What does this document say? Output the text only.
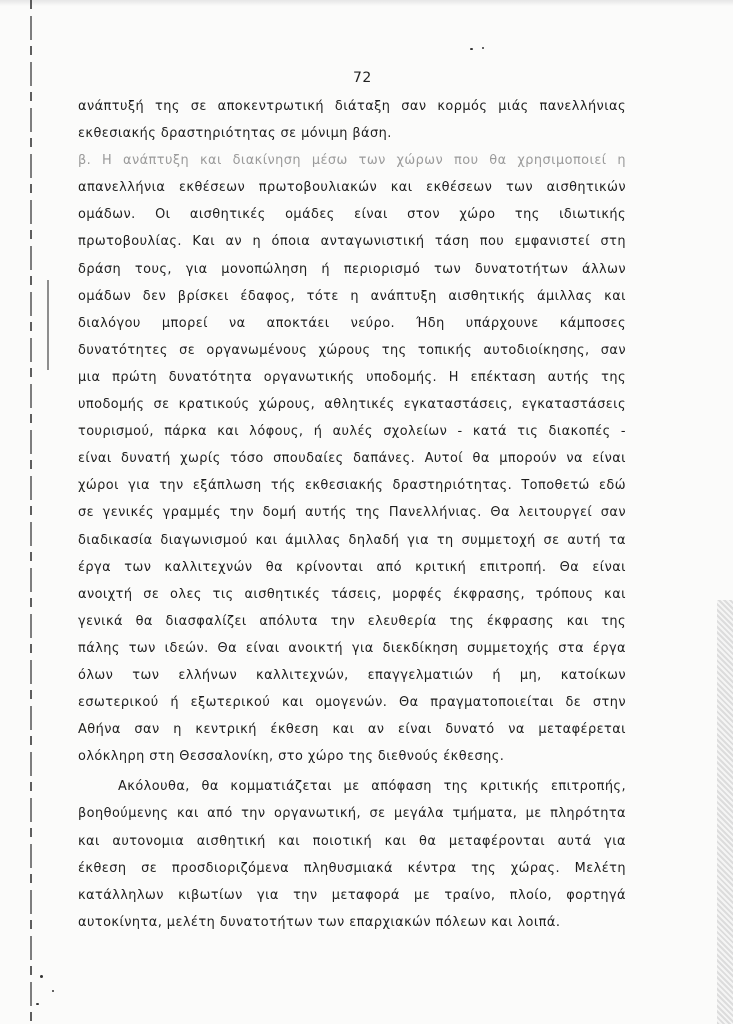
72
ανάπτυξή της σε αποκεντρωτική διάταξη σαν κορμός μιάς πανελλήνιας
εκθεσιακής δραστηριότητας σε μόνιμη βάση.
β. Η ανάπτυξη και διακίνηση μέσω των χώρων που θα χρησιμοποιεί η
απανελλήνια εκθέσεων πρωτοβουλιακών και εκθέσεων των αισθητικών
ομάδων. Οι αισθητικές ομάδες είναι στον χώρο της ιδιωτικής
πρωτοβουλίας. Και αν η όποια ανταγωνιστική τάση που εμφανιστεί στη
δράση τους, για μονοπώληση ή περιορισμό των δυνατοτήτων άλλων
ομάδων δεν βρίσκει έδαφος, τότε η ανάπτυξη αισθητικής άμιλλας και
διαλόγου μπορεί να αποκτάει νεύρο. Ήδη υπάρχουνε κάμποσες
δυνατότητες σε οργανωμένους χώρους της τοπικής αυτοδιοίκησης, σαν
μια πρώτη δυνατότητα οργανωτικής υποδομής. Η επέκταση αυτής της
υποδομής σε κρατικούς χώρους, αθλητικές εγκαταστάσεις, εγκαταστάσεις
τουρισμού, πάρκα και λόφους, ή αυλές σχολείων - κατά τις διακοπές -
είναι δυνατή χωρίς τόσο σπουδαίες δαπάνες. Αυτοί θα μπορούν να είναι
χώροι για την εξάπλωση τής εκθεσιακής δραστηριότητας. Τοποθετώ εδώ
σε γενικές γραμμές την δομή αυτής της Πανελλήνιας. Θα λειτουργεί σαν
διαδικασία διαγωνισμού και άμιλλας δηλαδή για τη συμμετοχή σε αυτή τα
έργα των καλλιτεχνών θα κρίνονται από κριτική επιτροπή. Θα είναι
ανοιχτή σε ολες τις αισθητικές τάσεις, μορφές έκφρασης, τρόπους και
γενικά θα διασφαλίζει απόλυτα την ελευθερία της έκφρασης και της
πάλης των ιδεών. Θα είναι ανοικτή για διεκδίκηση συμμετοχής στα έργα
όλων των ελλήνων καλλιτεχνών, επαγγελματιών ή μη, κατοίκων
εσωτερικού ή εξωτερικού και ομογενών. Θα πραγματοποιείται δε στην
Αθήνα σαν η κεντρική έκθεση και αν είναι δυνατό να μεταφέρεται
ολόκληρη στη Θεσσαλονίκη, στο χώρο της διεθνούς έκθεσης.
Ακόλουθα, θα κομματιάζεται με απόφαση της κριτικής επιτροπής,
βοηθούμενης και από την οργανωτική, σε μεγάλα τμήματα, με πληρότητα
και αυτονομια αισθητική και ποιοτική και θα μεταφέρονται αυτά για
έκθεση σε προσδιοριζόμενα πληθυσμιακά κέντρα της χώρας. Μελέτη
κατάλληλων κιβωτίων για την μεταφορά με τραίνο, πλοίο, φορτηγά
αυτοκίνητα, μελέτη δυνατοτήτων των επαρχιακών πόλεων και λοιπά.
